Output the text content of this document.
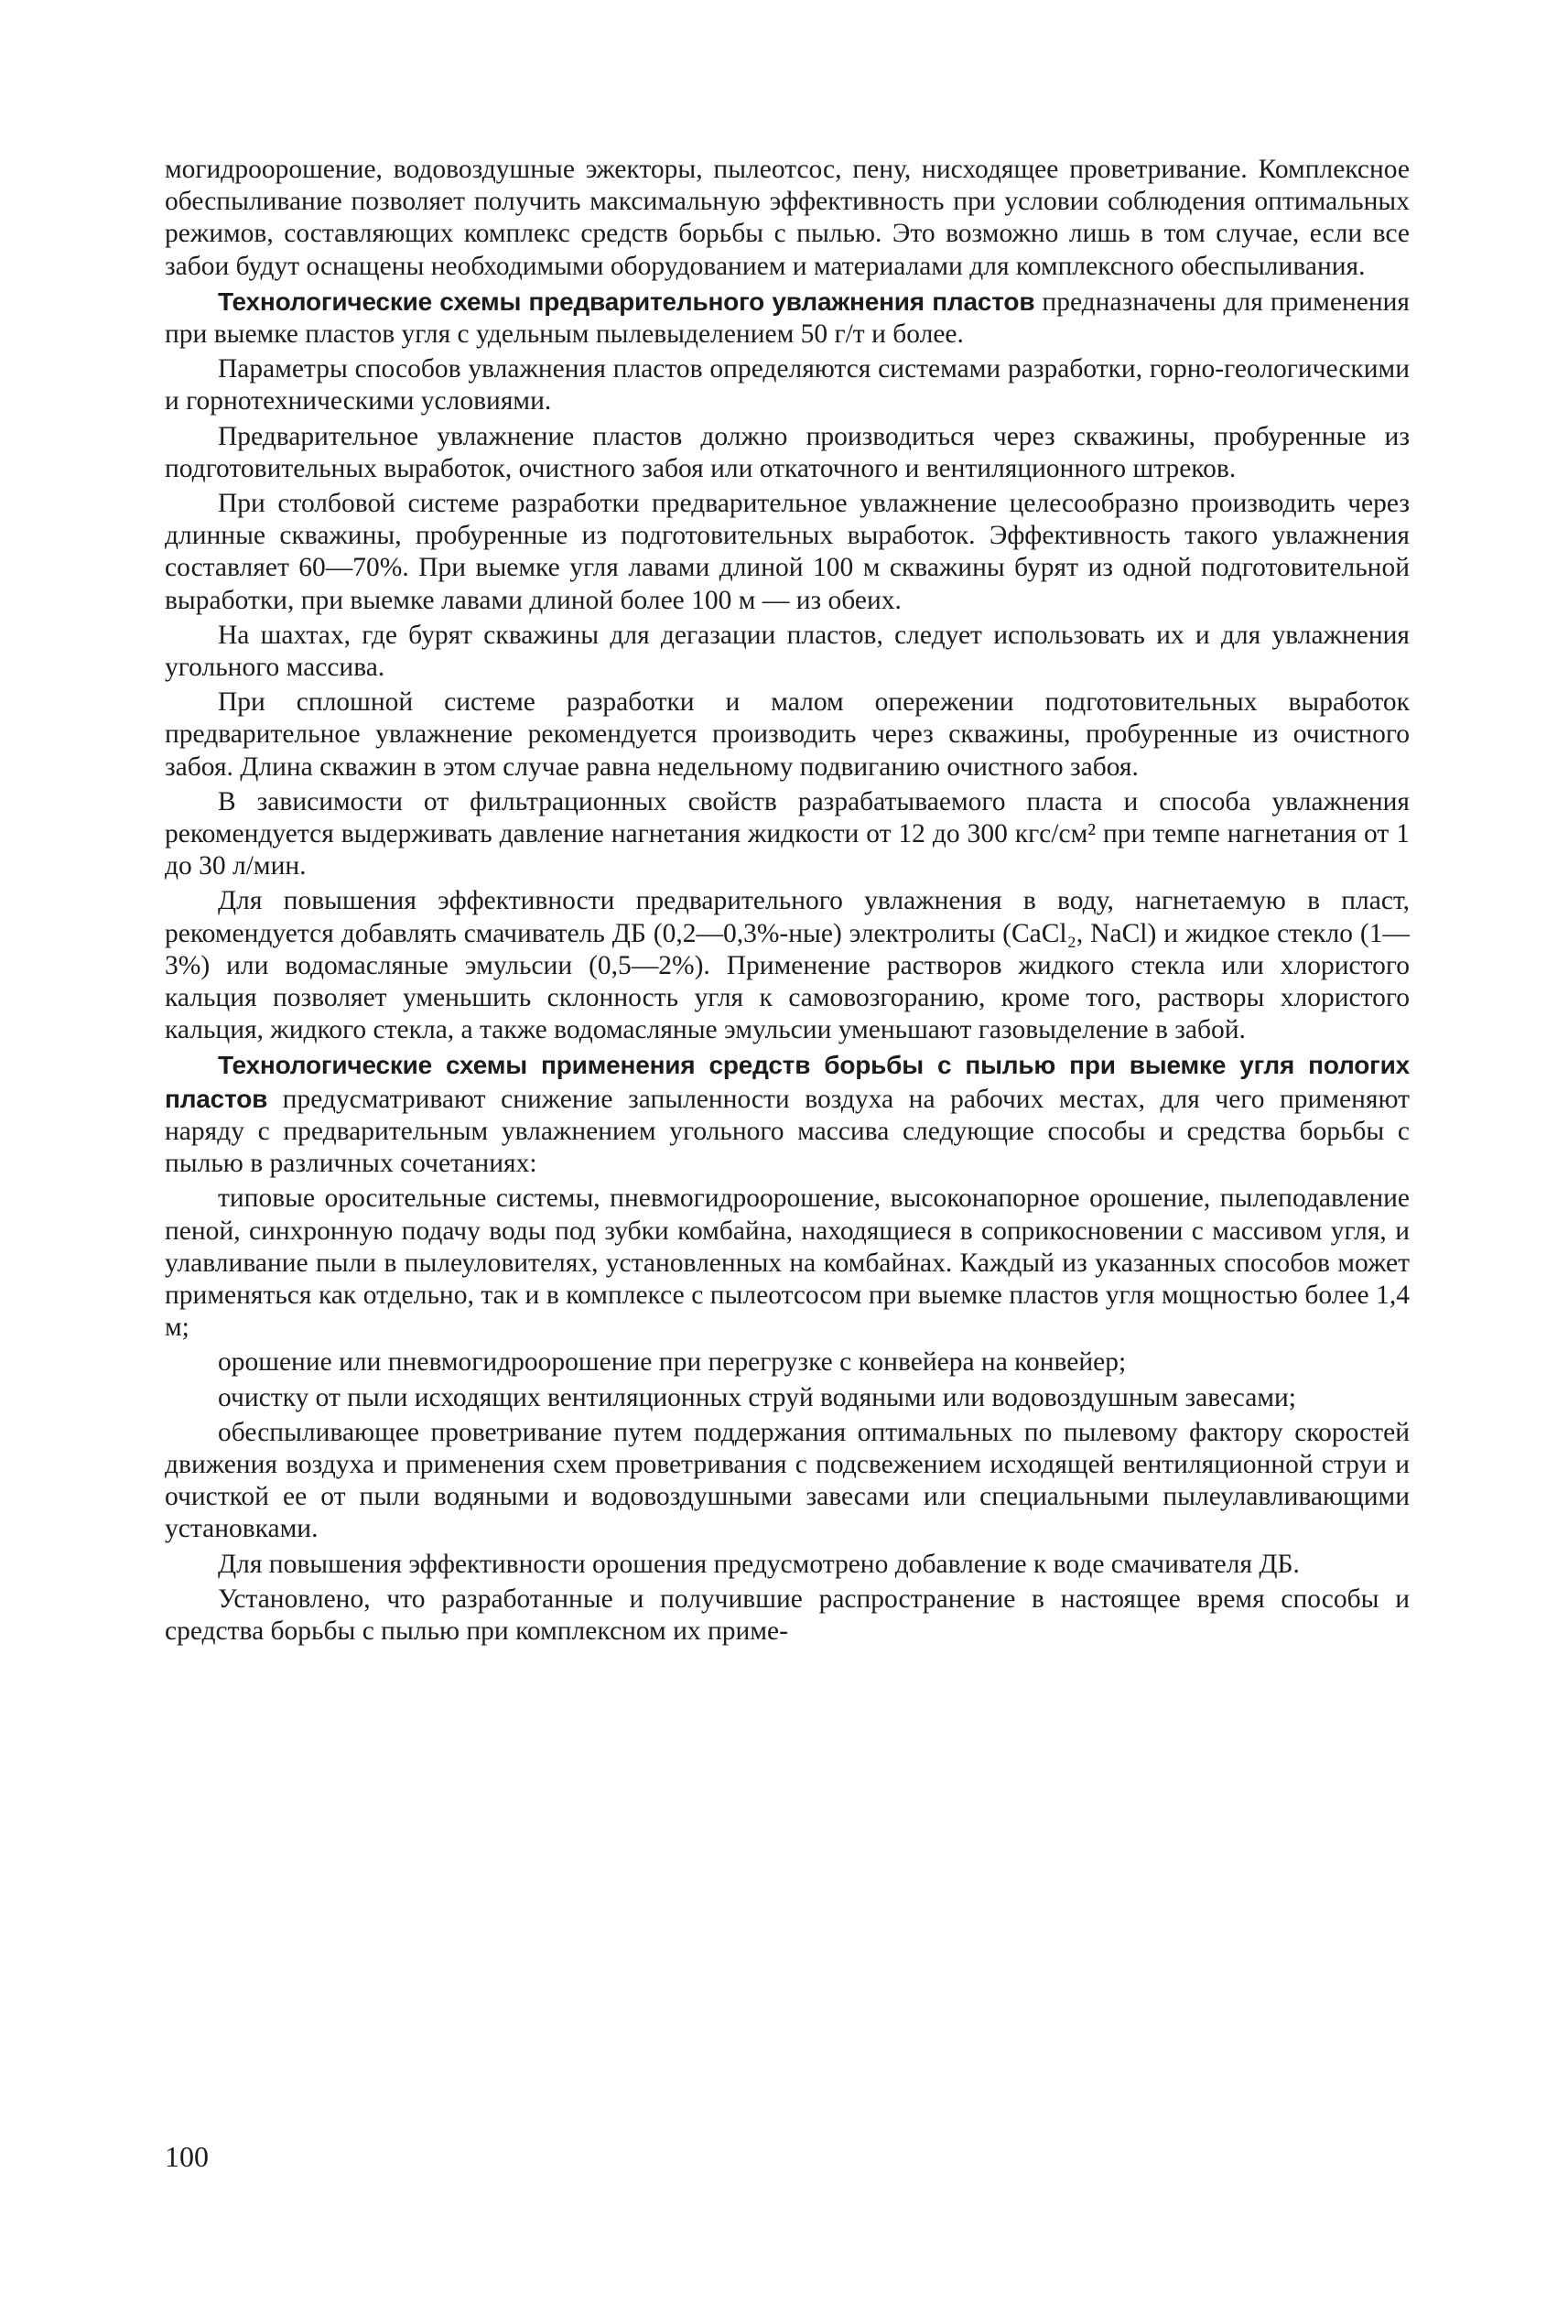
могидроорошение, водовоздушные эжекторы, пылеотсос, пену, нисходящее проветривание. Комплексное обеспыливание позволяет получить максимальную эффективность при условии соблюдения оптимальных режимов, составляющих комплекс средств борьбы с пылью. Это возможно лишь в том случае, если все забои будут оснащены необходимыми оборудованием и материалами для комплексного обеспыливания.

Технологические схемы предварительного увлажнения пластов предназначены для применения при выемке пластов угля с удельным пылевыделением 50 г/т и более.

Параметры способов увлажнения пластов определяются системами разработки, горно-геологическими и горнотехническими условиями.

Предварительное увлажнение пластов должно производиться через скважины, пробуренные из подготовительных выработок, очистного забоя или откаточного и вентиляционного штреков.

При столбовой системе разработки предварительное увлажнение целесообразно производить через длинные скважины, пробуренные из подготовительных выработок. Эффективность такого увлажнения составляет 60—70%. При выемке угля лавами длиной 100 м скважины бурят из одной подготовительной выработки, при выемке лавами длиной более 100 м — из обеих.

На шахтах, где бурят скважины для дегазации пластов, следует использовать их и для увлажнения угольного массива.

При сплошной системе разработки и малом опережении подготовительных выработок предварительное увлажнение рекомендуется производить через скважины, пробуренные из очистного забоя. Длина скважин в этом случае равна недельному подвиганию очистного забоя.

В зависимости от фильтрационных свойств разрабатываемого пласта и способа увлажнения рекомендуется выдерживать давление нагнетания жидкости от 12 до 300 кгс/см² при темпе нагнетания от 1 до 30 л/мин.

Для повышения эффективности предварительного увлажнения в воду, нагнетаемую в пласт, рекомендуется добавлять смачиватель ДБ (0,2—0,3%-ные) электролиты (CaCl₂, NaCl) и жидкое стекло (1—3%) или водомасляные эмульсии (0,5—2%). Применение растворов жидкого стекла или хлористого кальция позволяет уменьшить склонность угля к самовозгоранию, кроме того, растворы хлористого кальция, жидкого стекла, а также водомасляные эмульсии уменьшают газовыделение в забой.

Технологические схемы применения средств борьбы с пылью при выемке угля пологих пластов предусматривают снижение запыленности воздуха на рабочих местах, для чего применяют наряду с предварительным увлажнением угольного массива следующие способы и средства борьбы с пылью в различных сочетаниях:

типовые оросительные системы, пневмогидроорошение, высоконапорное орошение, пылеподавление пеной, синхронную подачу воды под зубки комбайна, находящиеся в соприкосновении с массивом угля, и улавливание пыли в пылеуловителях, установленных на комбайнах. Каждый из указанных способов может применяться как отдельно, так и в комплексе с пылеотсосом при выемке пластов угля мощностью более 1,4 м;

орошение или пневмогидроорошение при перегрузке с конвейера на конвейер;

очистку от пыли исходящих вентиляционных струй водяными или водовоздушным завесами;

обеспыливающее проветривание путем поддержания оптимальных по пылевому фактору скоростей движения воздуха и применения схем проветривания с подсвежением исходящей вентиляционной струи и очисткой ее от пыли водяными и водовоздушными завесами или специальными пылеулавливающими установками.

Для повышения эффективности орошения предусмотрено добавление к воде смачивателя ДБ.

Установлено, что разработанные и получившие распространение в настоящее время способы и средства борьбы с пылью при комплексном их приме-

100
